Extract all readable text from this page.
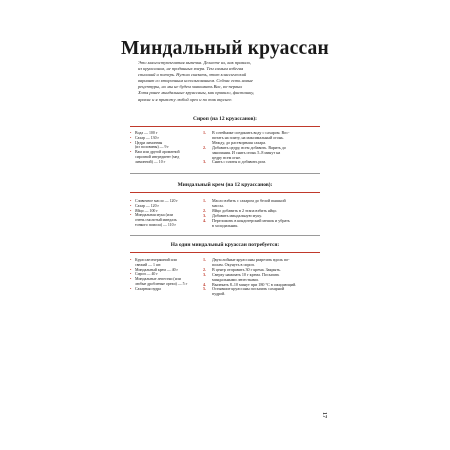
Миндальный круассан

Это многоступенчатая выпечка. Делаете их, как правило,
из круассанов, не проданных вчера. Тем самым избегая
списаний и потерь. Нужно сказать, этот классический
вариант со вторичным использованием. Сейчас есть новые
рецептуры, но мы не будем знакомить Вас, во-первых
Хотя ранее миндальные круассаны, как правило, фисташку,
арахис и я привожу любой орех и по так вкуснее.

Сироп (на 12 круассанов):
• Вода — 100 г
• Сахар — 130 г
• Цедра лимонная
(из половины) — 9 г
• Вам или другой ароматной
сиропной ингредиент (мед
лимонной) — 10 г
1. В сотейнике соединить воду с сахаром. Вос-
питать на плиту, на максимальный огонь.
Между, до растворения сахара.
2. Добавить цедру, всем добавить. Варить до
закипания. И снять огонь 5–8 минут на
цедру всем огне.
3. Снять с плиты и добавить ром.
Миндальный крем (на 12 круассанов):
• Сливочное масло — 120 г
• Сахар — 120 г
• Яйцо — 100 г
• Миндальная мука (или
очень смолотый миндаль
тонкого помола) — 110 г
1. Масло взбить с сахаром до белой пышной
массы.
2. Яйцо добавить в 2 этапа взбить яйцо.
3. Добавить миндальную муку.
4. Переложить в кондитерский мешок и убрать
в холодильник.
На один миндальный круассан потребуется:
• Круассан вчерашний или
свежий — 1 шт.
• Миндальный крем — 40 г
• Сироп — 40 г
• Миндальные лепестки (или
любые дробленые орехи) — 5 г
• Сахарная пудра
1. Двухслойные круассаны разрезать вдоль по-
полам. Окунуть в сироп.
2. В центр отправить 30 г крема. Закрыть.
3. Сверху намазать 10 г крема. Посыпать
миндальными лепестками.
4. Выпекать 8–10 минут при 180 °С в ожидающий.
5. Остывшие круассаны посыпать сахарной
пудрой.
17
